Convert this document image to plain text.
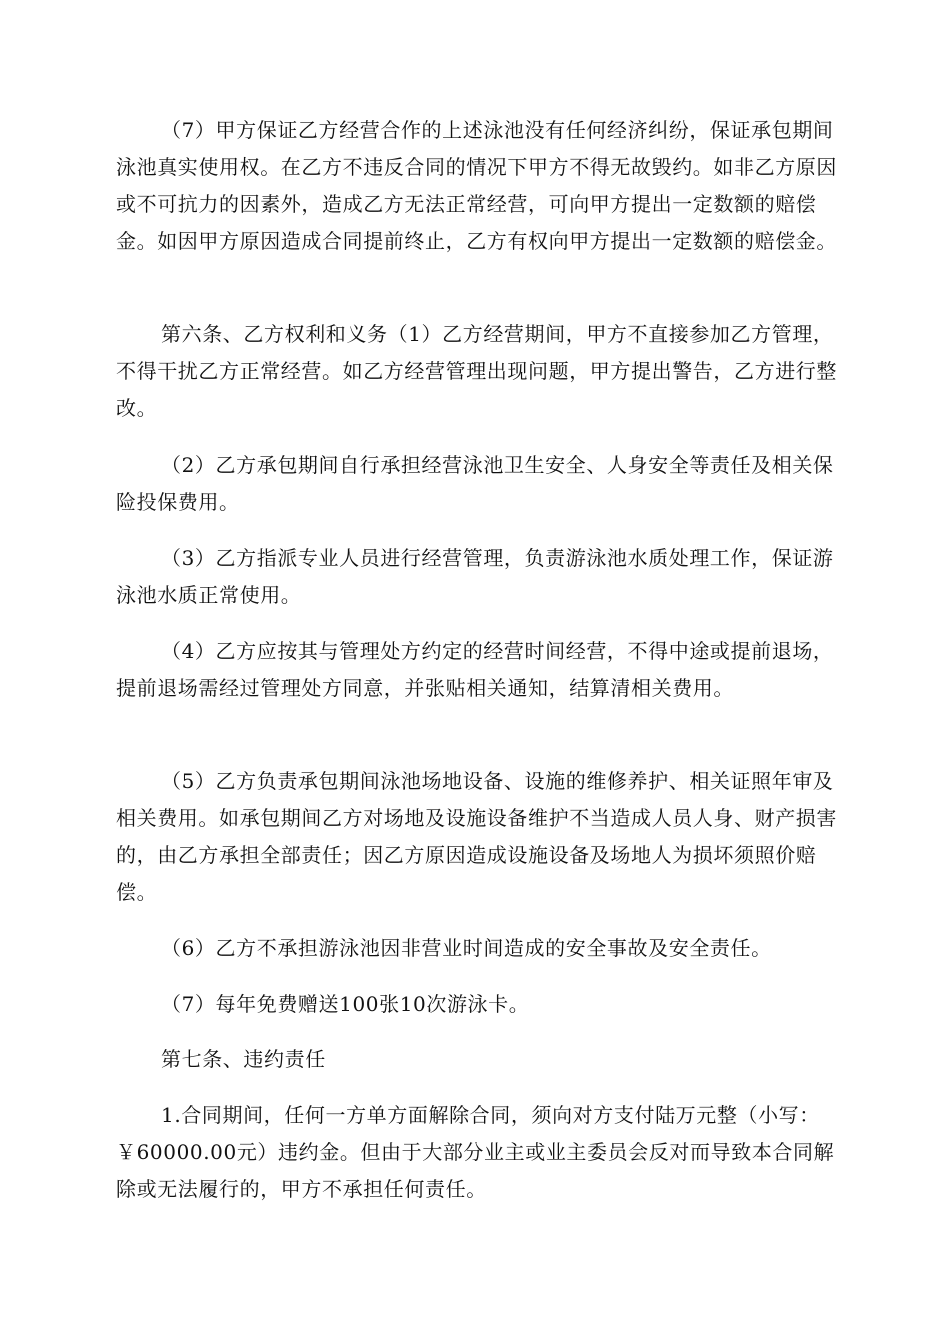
（7）甲方保证乙方经营合作的上述泳池没有任何经济纠纷，保证承包期间泳池真实使用权。在乙方不违反合同的情况下甲方不得无故毁约。如非乙方原因或不可抗力的因素外，造成乙方无法正常经营，可向甲方提出一定数额的赔偿金。如因甲方原因造成合同提前终止，乙方有权向甲方提出一定数额的赔偿金。

第六条、乙方权利和义务（1）乙方经营期间，甲方不直接参加乙方管理，不得干扰乙方正常经营。如乙方经营管理出现问题，甲方提出警告，乙方进行整改。

（2）乙方承包期间自行承担经营泳池卫生安全、人身安全等责任及相关保险投保费用。

（3）乙方指派专业人员进行经营管理，负责游泳池水质处理工作，保证游泳池水质正常使用。

（4）乙方应按其与管理处方约定的经营时间经营，不得中途或提前退场，提前退场需经过管理处方同意，并张贴相关通知，结算清相关费用。

（5）乙方负责承包期间泳池场地设备、设施的维修养护、相关证照年审及相关费用。如承包期间乙方对场地及设施设备维护不当造成人员人身、财产损害的，由乙方承担全部责任；因乙方原因造成设施设备及场地人为损坏须照价赔偿。

（6）乙方不承担游泳池因非营业时间造成的安全事故及安全责任。

（7）每年免费赠送100张10次游泳卡。

第七条、违约责任

1.合同期间，任何一方单方面解除合同，须向对方支付陆万元整（小写：￥60000.00元）违约金。但由于大部分业主或业主委员会反对而导致本合同解除或无法履行的，甲方不承担任何责任。
